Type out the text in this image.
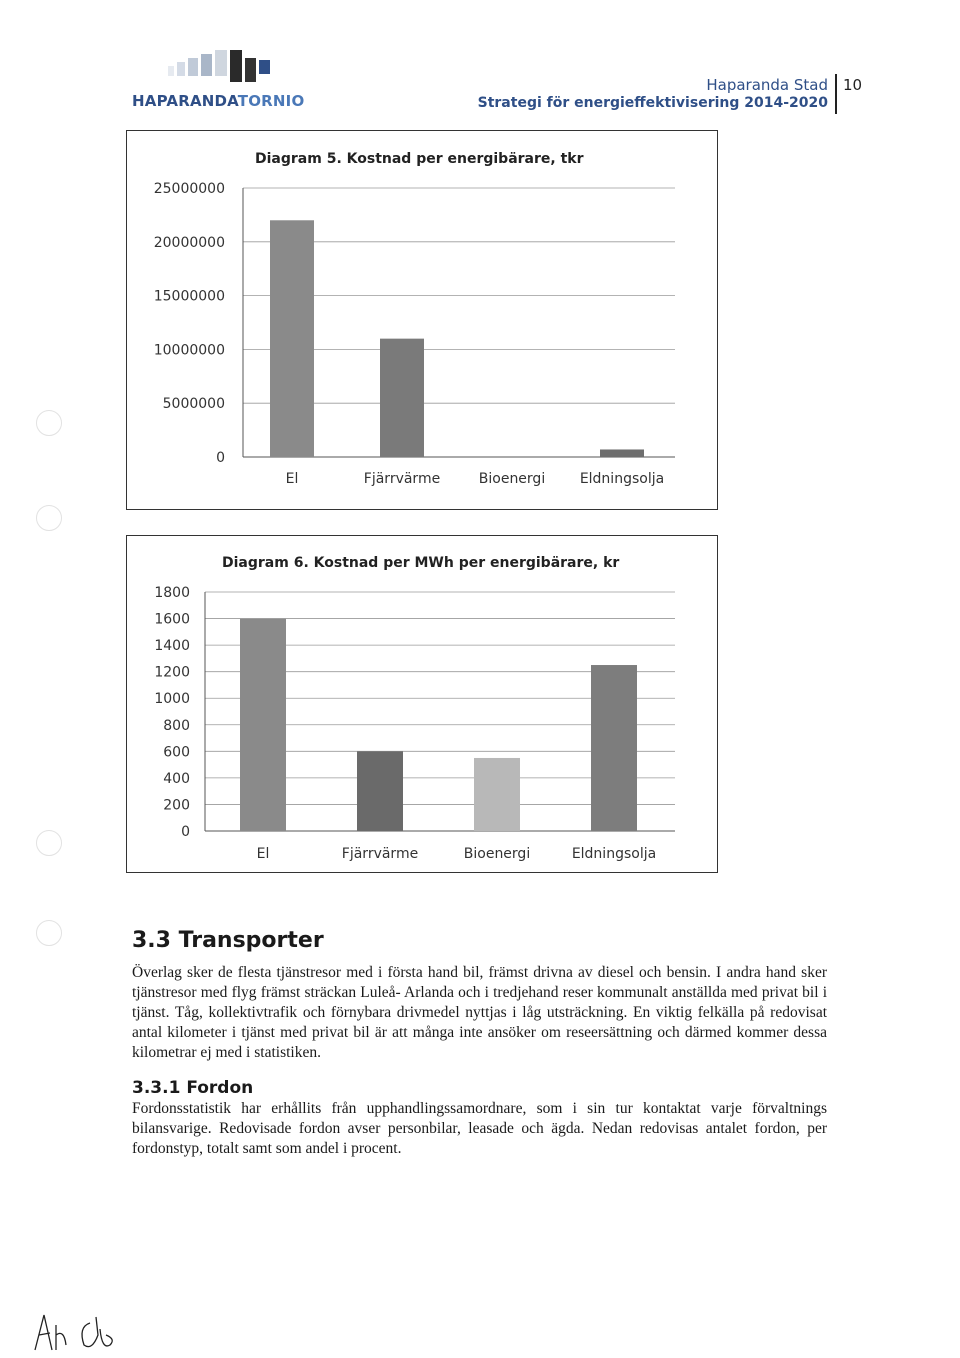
HAPARANDATORNIO
Haparanda Stad
Strategi för energieffektivisering 2014-2020
10
Diagram 5. Kostnad per energibärare, tkr
0
5000000
10000000
15000000
20000000
25000000
El	Fjärrvärme	Bioenergi Eldningsolja
Diagram 6. Kostnad per MWh per energibärare, kr
0
200
400
600
800
1000
1200
1400
1600
1800
El	Fjärrvärme	Bioenergi	Eldningsolja
3.3 Transporter
Överlag sker de flesta tjänstresor med i första hand bil, främst drivna av diesel och bensin. I andra hand sker tjänstresor med flyg främst sträckan Luleå- Arlanda och i tredjehand reser kommunalt anställda med privat bil i tjänst. Tåg, kollektivtrafik och förnybara drivmedel nyttjas i låg utsträckning. En viktig felkälla på redovisat antal kilometer i tjänst med privat bil är att många inte ansöker om reseersättning och därmed kommer dessa kilometrar ej med i statistiken.
3.3.1 Fordon
Fordonsstatistik har erhållits från upphandlingssamordnare, som i sin tur kontaktat varje förvaltnings bilansvarige. Redovisade fordon avser personbilar, leasade och ägda. Nedan redovisas antalet fordon, per fordonstyp, totalt samt som andel i procent.
